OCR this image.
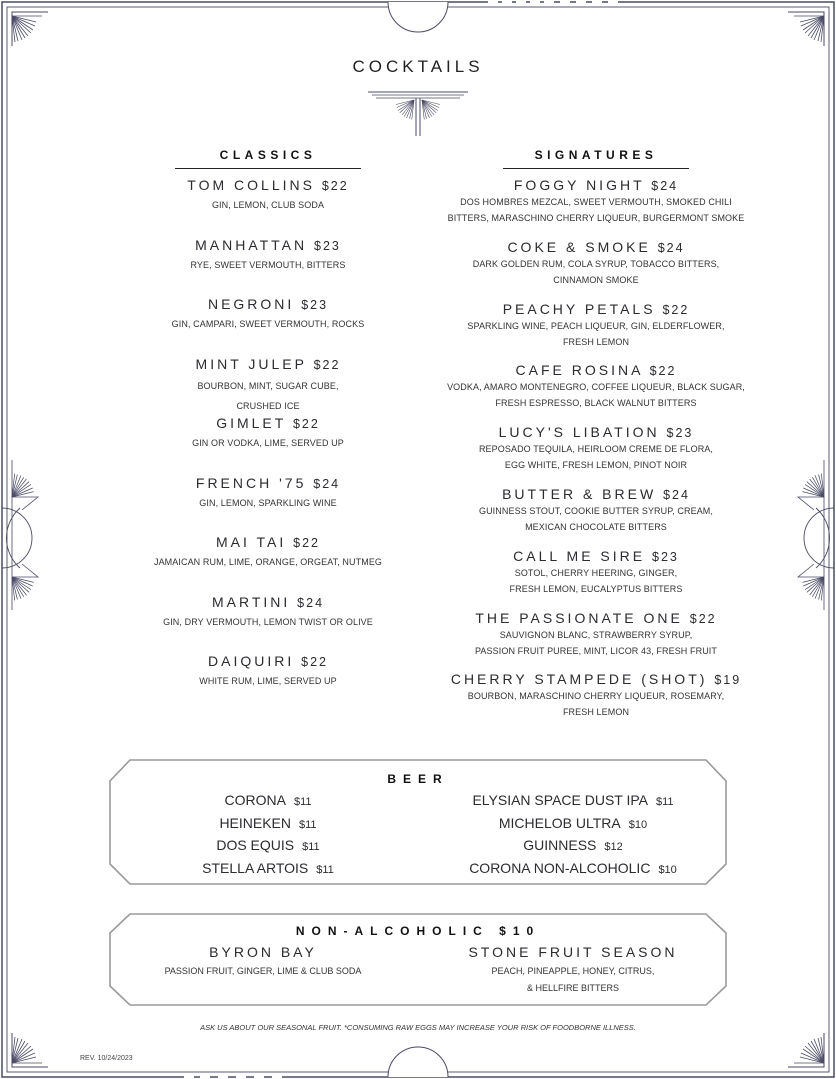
COCKTAILS
CLASSICS
TOM COLLINS $22
GIN, LEMON, CLUB SODA
MANHATTAN $23
RYE, SWEET VERMOUTH, BITTERS
NEGRONI $23
GIN, CAMPARI, SWEET VERMOUTH, ROCKS
MINT JULEP $22
BOURBON, MINT, SUGAR CUBE,
CRUSHED ICE
GIMLET $22
GIN OR VODKA, LIME, SERVED UP
FRENCH '75 $24
GIN, LEMON, SPARKLING WINE
MAI TAI $22
JAMAICAN RUM, LIME, ORANGE, ORGEAT, NUTMEG
MARTINI $24
GIN, DRY VERMOUTH, LEMON TWIST OR OLIVE
DAIQUIRI $22
WHITE RUM, LIME, SERVED UP
SIGNATURES
FOGGY NIGHT $24
DOS HOMBRES MEZCAL, SWEET VERMOUTH, SMOKED CHILI
BITTERS, MARASCHINO CHERRY LIQUEUR, BURGERMONT SMOKE
COKE & SMOKE $24
DARK GOLDEN RUM, COLA SYRUP, TOBACCO BITTERS,
CINNAMON SMOKE
PEACHY PETALS $22
SPARKLING WINE, PEACH LIQUEUR, GIN, ELDERFLOWER,
FRESH LEMON
CAFE ROSINA $22
VODKA, AMARO MONTENEGRO, COFFEE LIQUEUR, BLACK SUGAR,
FRESH ESPRESSO, BLACK WALNUT BITTERS
LUCY'S LIBATION $23
REPOSADO TEQUILA, HEIRLOOM CREME DE FLORA,
EGG WHITE, FRESH LEMON, PINOT NOIR
BUTTER & BREW $24
GUINNESS STOUT, COOKIE BUTTER SYRUP, CREAM,
MEXICAN CHOCOLATE BITTERS
CALL ME SIRE $23
SOTOL, CHERRY HEERING, GINGER,
FRESH LEMON, EUCALYPTUS BITTERS
THE PASSIONATE ONE $22
SAUVIGNON BLANC, STRAWBERRY SYRUP,
PASSION FRUIT PUREE, MINT, LICOR 43, FRESH FRUIT
CHERRY STAMPEDE (SHOT) $19
BOURBON, MARASCHINO CHERRY LIQUEUR, ROSEMARY,
FRESH LEMON
BEER
CORONA $11
HEINEKEN $11
DOS EQUIS $11
STELLA ARTOIS $11
ELYSIAN SPACE DUST IPA $11
MICHELOB ULTRA $10
GUINNESS $12
CORONA NON-ALCOHOLIC $10
NON-ALCOHOLIC $10
BYRON BAY
PASSION FRUIT, GINGER, LIME & CLUB SODA
STONE FRUIT SEASON
PEACH, PINEAPPLE, HONEY, CITRUS,
& HELLFIRE BITTERS
ASK US ABOUT OUR SEASONAL FRUIT. *CONSUMING RAW EGGS MAY INCREASE YOUR RISK OF FOODBORNE ILLNESS.
REV. 10/24/2023
